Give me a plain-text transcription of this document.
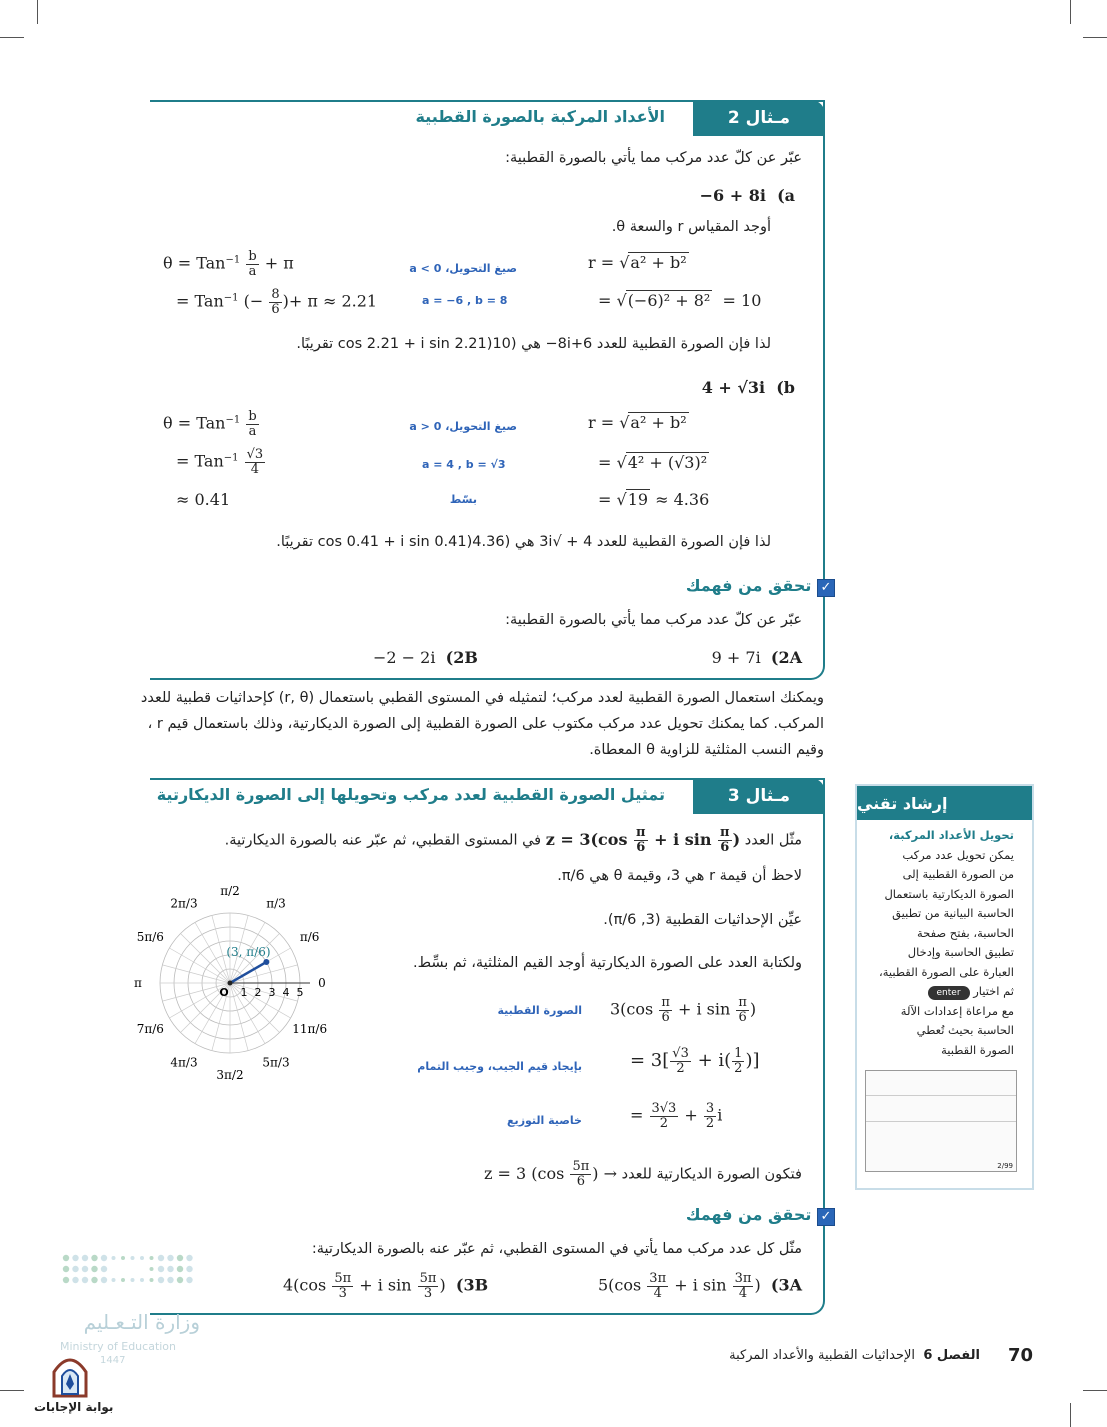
مـثال 2
الأعداد المركبة بالصورة القطبية
عبّر عن كلّ عدد مركب مما يأتي بالصورة القطبية:
−6 + 8i (a
أوجد المقياس r والسعة θ.
r = √a² + b²
= √(−6)² + 8²  = 10
صيغ التحويل، a < 0
a = −6 , b = 8
$\theta = Tan^{-1} \frac{b}{a} + \pi$
= Tan$^{-1}$ (− $\frac{8}{6}$ )+ π ≈ 2.21
لذا فإن الصورة القطبية للعدد 8i+6− هي (10(cos 2.21 + i sin 2.21 تقريبًا.
4 + √3i (b
r = √a² + b²
= √4² + (√3)²
= √19 ≈ 4.36
صيغ التحويل، a > 0
a = 4 , b = √3
بسّط
$\theta = Tan^{-1} \frac{b}{a}$
= $Tan^{-1} \frac{√3}{4}$
≈ 0.41
لذا فإن الصورة القطبية للعدد 4 + √3i هي (4.36(cos 0.41 + i sin 0.41 تقريبًا.
✓ تحقق من فهمك
عبّر عن كلّ عدد مركب مما يأتي بالصورة القطبية:
9 + 7i (2A
−2 − 2i (2B
ويمكنك استعمال الصورة القطبية لعدد مركب؛ لتمثيله في المستوى القطبي باستعمال (r, θ) كإحداثيات قطبية للعدد
المركب. كما يمكنك تحويل عدد مركب مكتوب على الصورة القطبية إلى الصورة الديكارتية، وذلك باستعمال قيم r ،
وقيم النسب المثلثية للزاوية θ المعطاة.
مـثال 3
تمثيل الصورة القطبية لعدد مركب وتحويلها إلى الصورة الديكارتية
مثّل العدد $z = 3(\cos \frac{\pi}{6} + i$ $\sin \frac{\pi}{6}$ ) في المستوى القطبي، ثم عبّر عنه بالصورة الديكارتية.
لاحظ أن قيمة r هي 3، وقيمة θ هي π/6.
عيِّن الإحداثيات القطبية (3, π/6).
ولكتابة العدد على الصورة الديكارتية أوجد القيم المثلثية، ثم بسِّط.
الصورة القطبية $3(\cos \frac{\pi}{6} + i$ $\sin \frac{\pi}{6}$ )
بإيجاد قيم الجيب، وجيب التمام	= $3[ \frac{√3}{2} + i( \frac{1}{2}$ )]
خاصية التوزيع	= $\frac{3√3}{2} + \frac{3}{2}$ i
فتكون الصورة الديكارتية للعدد z = 3 ($\cos \frac{5\pi}{6}$ ) →
0
π/6
π/3
π/2
2π/3
5π/6
π
7π/6
4π/3
3π/2
5π/3
11π/6
O 1 2 3 4 5
(3, π/6)
✓ تحقق من فهمك
مثّل كل عدد مركب مما يأتي في المستوى القطبي، ثم عبّر عنه بالصورة الديكارتية:
$5(\cos \frac{3\pi}{4} + i$ $\sin \frac{3\pi}{4}$ )  (3A
$4(\cos \frac{5\pi}{3} + i$ $\sin \frac{5\pi}{3}$ )  (3B
إرشاد تقني
تحويل الأعداد المركبة،
يمكن تحويل عدد مركب
من الصورة القطبية إلى
الصورة الديكارتية باستعمال
الحاسبة البيانية من تطبيق
الحاسبة، بفتح صفحة
تطبيق الحاسبة وإدخال
العبارة على الصورة القطبية،
ثم اختيار enter
مع مراعاة إعدادات الآلة
الحاسبة بحيث تُعطي
الصورة القطبية
2/99
70
الفصل 6  الإحداثيات القطبية والأعداد المركبة
وزارة التـعـليم
Ministry of Education
1447
بوابة الإجابات
